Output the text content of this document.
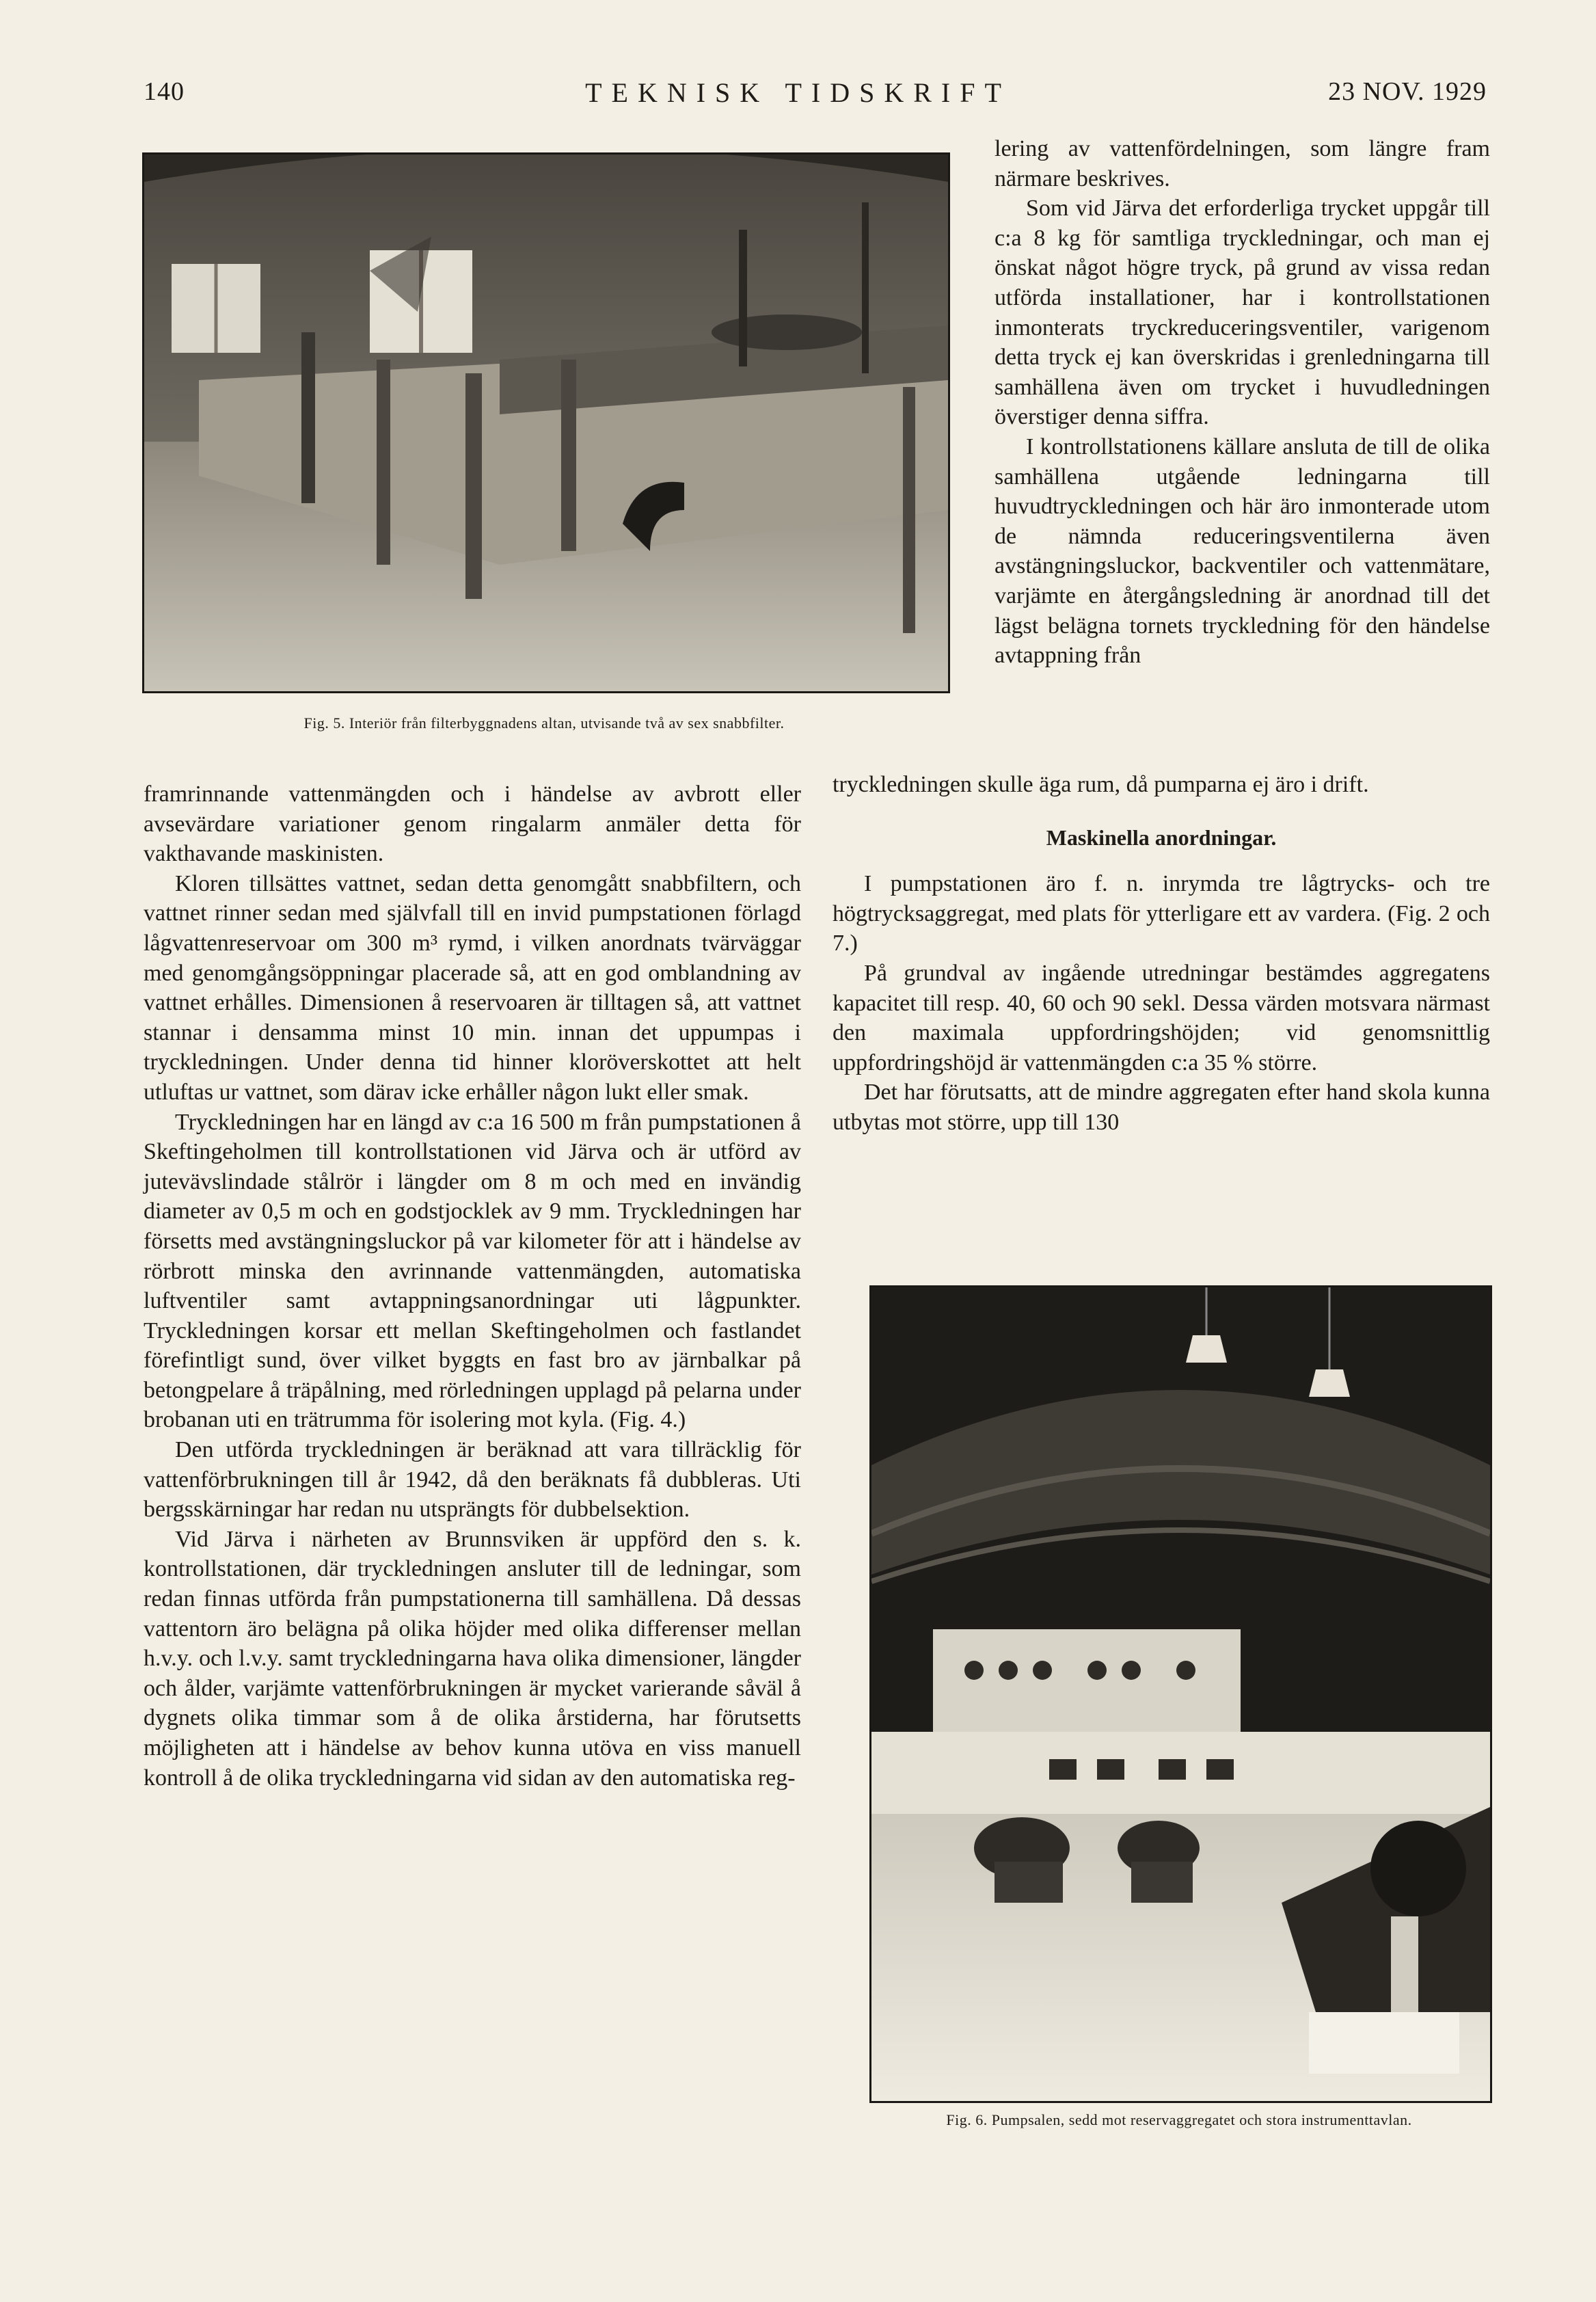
140	TEKNISK TIDSKRIFT	23 NOV. 1929
Fig. 5. Interiör från filterbyggnadens altan, utvisande två av sex snabbfilter.

lering av vattenfördelningen, som längre fram närmare beskrives.

Som vid Järva det erforderliga trycket uppgår till c:a 8 kg för samtliga tryckledningar, och man ej önskat något högre tryck, på grund av vissa redan utförda installationer, har i kontrollstationen inmonterats tryckreduceringsventiler, varigenom detta tryck ej kan överskridas i grenledningarna till samhällena även om trycket i huvudledningen överstiger denna siffra.

I kontrollstationens källare ansluta de till de olika samhällena utgående ledningarna till huvudtryckledningen och här äro inmonterade utom de nämnda reduceringsventilerna även avstängningsluckor, backventiler och vattenmätare, varjämte en återgångsledning är anordnad till det lägst belägna tornets tryckledning för den händelse avtappning från

framrinnande vattenmängden och i händelse av avbrott eller avsevärdare variationer genom ringalarm anmäler detta för vakthavande maskinisten.

Kloren tillsättes vattnet, sedan detta genomgått snabbfiltern, och vattnet rinner sedan med självfall till en invid pumpstationen förlagd lågvattenreservoar om 300 m³ rymd, i vilken anordnats tvärväggar med genomgångsöppningar placerade så, att en god omblandning av vattnet erhålles. Dimensionen å reservoaren är tilltagen så, att vattnet stannar i densamma minst 10 min. innan det uppumpas i tryckledningen. Under denna tid hinner kloröverskottet att helt utluftas ur vattnet, som därav icke erhåller någon lukt eller smak.

Tryckledningen har en längd av c:a 16 500 m från pumpstationen å Skeftingeholmen till kontrollstationen vid Järva och är utförd av jutevävslindade stålrör i längder om 8 m och med en invändig diameter av 0,5 m och en godstjocklek av 9 mm. Tryckledningen har försetts med avstängningsluckor på var kilometer för att i händelse av rörbrott minska den avrinnande vattenmängden, automatiska luftventiler samt avtappningsanordningar uti lågpunkter. Tryckledningen korsar ett mellan Skeftingeholmen och fastlandet förefintligt sund, över vilket byggts en fast bro av järnbalkar på betongpelare å träpålning, med rörledningen upplagd på pelarna under brobanan uti en trätrumma för isolering mot kyla. (Fig. 4.)

Den utförda tryckledningen är beräknad att vara tillräcklig för vattenförbrukningen till år 1942, då den beräknats få dubbleras. Uti bergsskärningar har redan nu utsprängts för dubbelsektion.

Vid Järva i närheten av Brunnsviken är uppförd den s. k. kontrollstationen, där tryckledningen ansluter till de ledningar, som redan finnas utförda från pumpstationerna till samhällena. Då dessas vattentorn äro belägna på olika höjder med olika differenser mellan h.v.y. och l.v.y. samt tryckledningarna hava olika dimensioner, längder och ålder, varjämte vattenförbrukningen är mycket varierande såväl å dygnets olika timmar som å de olika årstiderna, har förutsetts möjligheten att i händelse av behov kunna utöva en viss manuell kontroll å de olika tryckledningarna vid sidan av den automatiska reg-

tryckledningen skulle äga rum, då pumparna ej äro i drift.

Maskinella anordningar.

I pumpstationen äro f. n. inrymda tre lågtrycks- och tre högtrycksaggregat, med plats för ytterligare ett av vardera. (Fig. 2 och 7.)

På grundval av ingående utredningar bestämdes aggregatens kapacitet till resp. 40, 60 och 90 sekl. Dessa värden motsvara närmast den maximala uppfordringshöjden; vid genomsnittlig uppfordringshöjd är vattenmängden c:a 35 % större.

Det har förutsatts, att de mindre aggregaten efter hand skola kunna utbytas mot större, upp till 130

Fig. 6. Pumpsalen, sedd mot reservaggregatet och stora instrumenttavlan.
